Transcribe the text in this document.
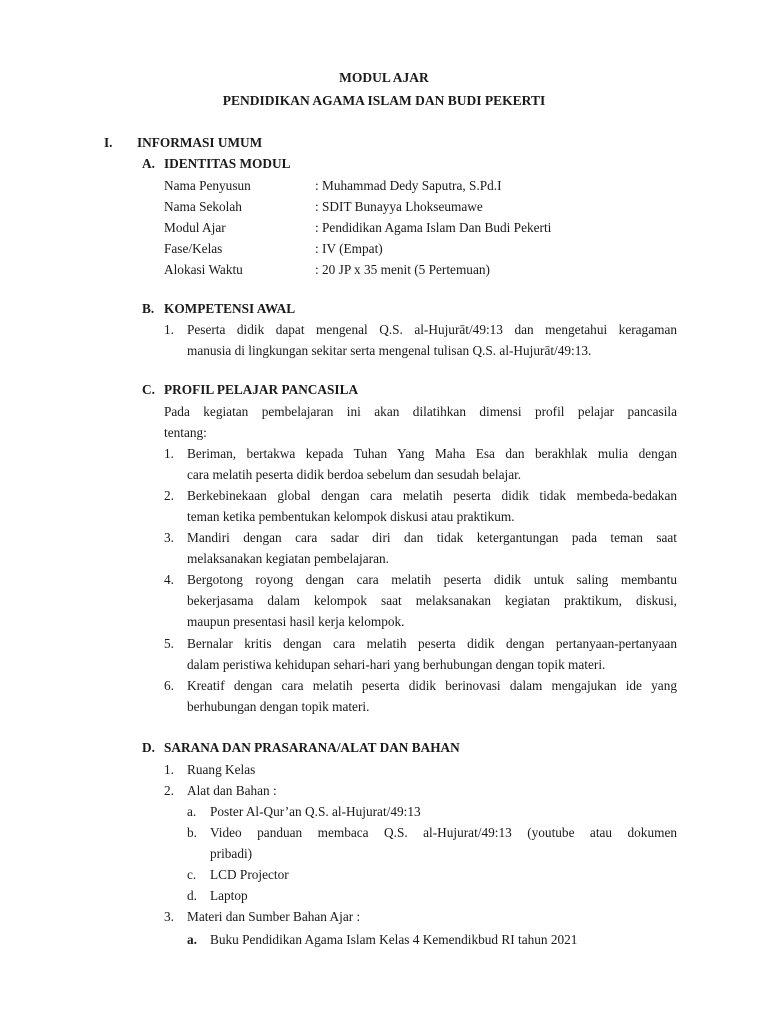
MODUL AJAR
PENDIDIKAN AGAMA ISLAM DAN BUDI PEKERTI
I. INFORMASI UMUM
A. IDENTITAS MODUL
Nama Penyusun	: Muhammad Dedy Saputra, S.Pd.I
Nama Sekolah	: SDIT Bunayya Lhokseumawe
Modul Ajar	: Pendidikan Agama Islam Dan Budi Pekerti
Fase/Kelas	: IV (Empat)
Alokasi Waktu	: 20 JP x 35 menit (5 Pertemuan)
B. KOMPETENSI AWAL
1. Peserta didik dapat mengenal Q.S. al-Hujurāt/49:13 dan mengetahui keragaman
manusia di lingkungan sekitar serta mengenal tulisan Q.S. al-Hujurāt/49:13.
C. PROFIL PELAJAR PANCASILA
Pada kegiatan pembelajaran ini akan dilatihkan dimensi profil pelajar pancasila
tentang:
1. Beriman, bertakwa kepada Tuhan Yang Maha Esa dan berakhlak mulia dengan
cara melatih peserta didik berdoa sebelum dan sesudah belajar.
2. Berkebinekaan global dengan cara melatih peserta didik tidak membeda-bedakan
teman ketika pembentukan kelompok diskusi atau praktikum.
3. Mandiri dengan cara sadar diri dan tidak ketergantungan pada teman saat
melaksanakan kegiatan pembelajaran.
4. Bergotong royong dengan cara melatih peserta didik untuk saling membantu
bekerjasama dalam kelompok saat melaksanakan kegiatan praktikum, diskusi,
maupun presentasi hasil kerja kelompok.
5. Bernalar kritis dengan cara melatih peserta didik dengan pertanyaan-pertanyaan
dalam peristiwa kehidupan sehari-hari yang berhubungan dengan topik materi.
6. Kreatif dengan cara melatih peserta didik berinovasi dalam mengajukan ide yang
berhubungan dengan topik materi.
D. SARANA DAN PRASARANA/ALAT DAN BAHAN
1. Ruang Kelas
2. Alat dan Bahan :
a. Poster Al-Qur’an Q.S. al-Hujurat/49:13
b. Video panduan membaca Q.S. al-Hujurat/49:13 (youtube atau dokumen
pribadi)
c. LCD Projector
d. Laptop
3. Materi dan Sumber Bahan Ajar :
a. Buku Pendidikan Agama Islam Kelas 4 Kemendikbud RI tahun 2021
